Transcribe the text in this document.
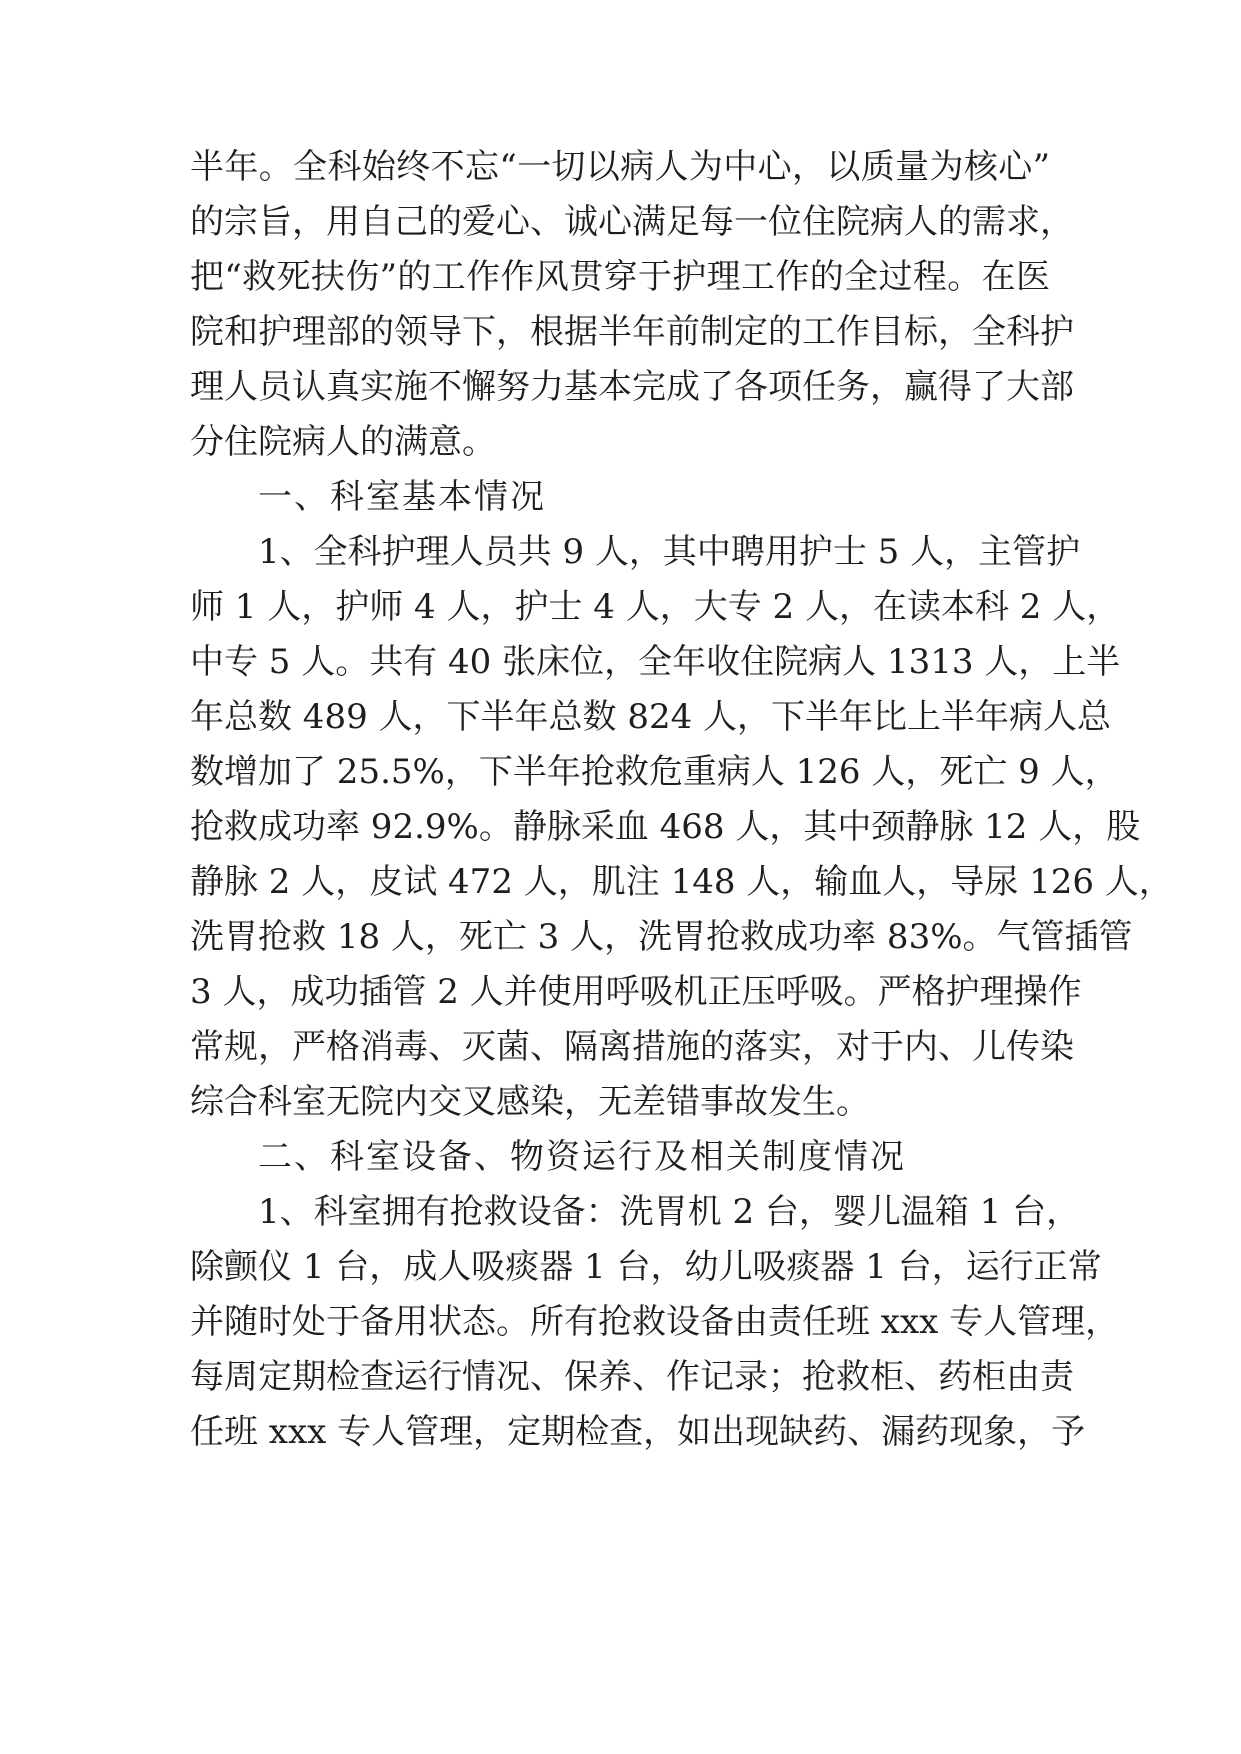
半年。全科始终不忘“一切以病人为中心，以质量为核心”
的宗旨，用自己的爱心、诚心满足每一位住院病人的需求，
把“救死扶伤”的工作作风贯穿于护理工作的全过程。在医
院和护理部的领导下，根据半年前制定的工作目标，全科护
理人员认真实施不懈努力基本完成了各项任务，赢得了大部
分住院病人的满意。
一、科室基本情况
1、全科护理人员共 9 人，其中聘用护士 5 人，主管护
师 1 人，护师 4 人，护士 4 人，大专 2 人，在读本科 2 人，
中专 5 人。共有 40 张床位，全年收住院病人 1313 人，上半
年总数 489 人，下半年总数 824 人，下半年比上半年病人总
数增加了 25.5%，下半年抢救危重病人 126 人，死亡 9 人，
抢救成功率 92.9%。静脉采血 468 人，其中颈静脉 12 人，股
静脉 2 人，皮试 472 人，肌注 148 人，输血人，导尿 126 人，
洗胃抢救 18 人，死亡 3 人，洗胃抢救成功率 83%。气管插管
3 人，成功插管 2 人并使用呼吸机正压呼吸。严格护理操作
常规，严格消毒、灭菌、隔离措施的落实，对于内、儿传染
综合科室无院内交叉感染，无差错事故发生。
二、科室设备、物资运行及相关制度情况
1、科室拥有抢救设备：洗胃机 2 台，婴儿温箱 1 台，
除颤仪 1 台，成人吸痰器 1 台，幼儿吸痰器 1 台，运行正常
并随时处于备用状态。所有抢救设备由责任班 xxx 专人管理，
每周定期检查运行情况、保养、作记录；抢救柜、药柜由责
任班 xxx 专人管理，定期检查，如出现缺药、漏药现象，予
